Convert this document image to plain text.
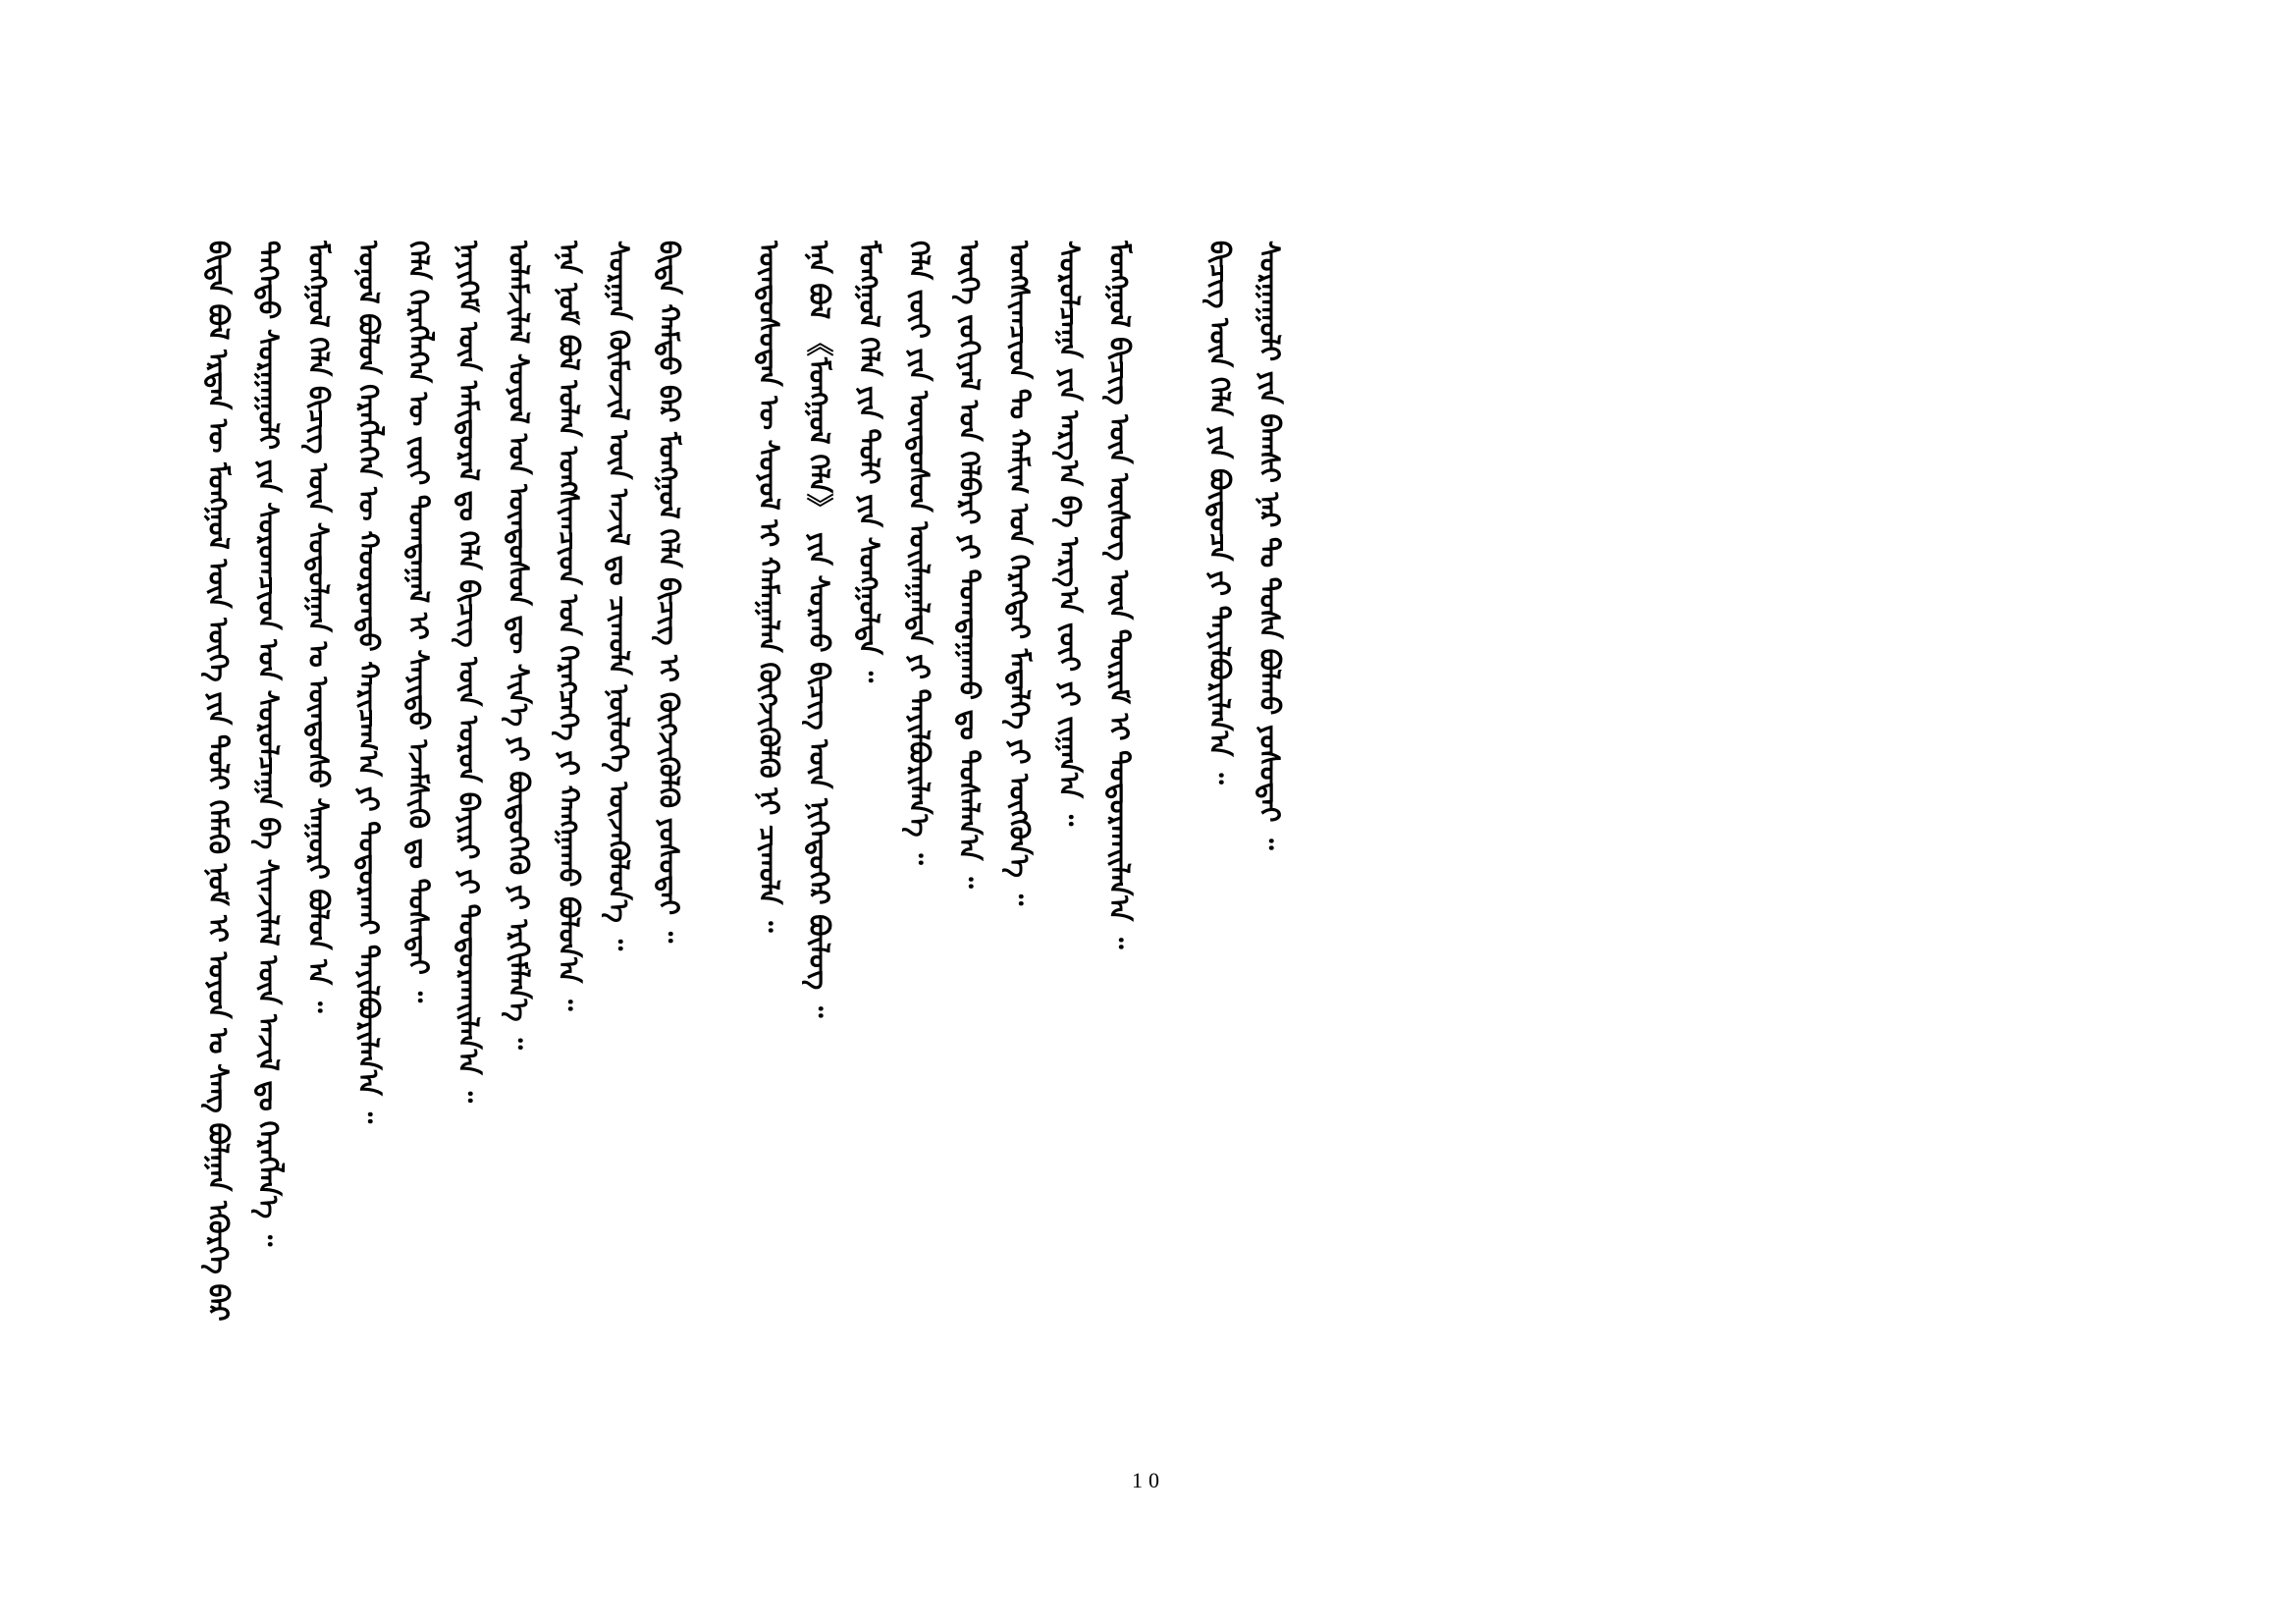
ᠪᠢᠳᠡ ᠪᠣᠯ ᠡᠷᠲᠡᠨ ᠦ ᠮᠣᠩᠭᠣᠯ ᠦᠨ ᠦᠭᠡ ᠶᠢᠨ ᠲᠣᠯᠢ ᠬᠡᠮᠡᠬᠦ ᠨᠣᠮ ᠢ ᠣᠶᠤᠨ ᠤ ᠰᠠᠩ ᠪᠣᠯᠭᠠᠨ ᠡᠭᠦᠷᠭᠡ ᠪᠠᠷ ᠳᠡᠭᠡᠳᠦ ᠰᠤᠷᠭᠠᠭᠤᠯᠢ ᠶᠢᠨ ᠰᠤᠷᠤᠭᠴᠢᠳ ᠤᠨ ᠰᠤᠷᠤᠯᠴᠠᠭᠠ ᠪᠠ ᠰᠢᠨᠵᠢᠯᠡᠯ ᠦᠨ ᠠᠵᠢᠯ ᠳᠤ ᠬᠡᠷᠡᠭᠯᠡᠨ᠎ᠡ ᠃ ᠮᠣᠩᠭᠣᠯ ᠬᠡᠯᠡ ᠪᠢᠴᠢᠭ ᠦᠨ ᠰᠤᠳᠤᠯᠭᠠᠨ ᠤ ᠦᠨᠳᠦᠰᠦ ᠰᠠᠭᠤᠷᠢ ᠪᠣᠯᠤᠨ ᠠ ᠃ ᠣᠨᠤᠯ ᠪᠣᠯᠤᠨ ᠬᠡᠷᠡᠭᠯᠡᠭᠡᠨ ᠦ ᠬᠣᠣᠷᠣᠨᠳᠤ ᠬᠠᠷᠢᠴᠠᠭ᠎ᠠ ᠶᠢ ᠲᠣᠳᠣᠷᠬᠠᠢ ᠲᠠᠶᠢᠯᠪᠤᠷᠢᠯᠠᠨ᠎ᠠ ᠃ ᠬᠡᠯᠡ ᠬᠡᠷᠡᠭᠯᠡᠭᠡᠨ ᠦ ᠵᠦᠢ ᠲᠣᠭᠲᠠᠭᠠᠯ ᠢ ᠰᠠᠶᠢᠲᠤ ᠡᠵᠡᠮᠰᠢᠬᠦ ᠳᠤ ᠲᠤᠰᠠᠲᠠᠢ ᠃ ᠨᠡᠶᠢᠭᠡᠮ ᠦᠨ ᠠᠮᠢᠳᠤᠷᠠᠯ ᠳᠤ ᠬᠡᠯᠡ ᠪᠢᠴᠢᠭ ᠦᠨ ᠣᠷᠣᠨ ᠪᠠᠶᠢᠷᠢ ᠶᠢ ᠲᠣᠳᠣᠷᠬᠠᠢᠯᠠᠨ᠎ᠠ ᠃ ᠤᠯᠠᠮᠵᠢᠯᠠᠯ ᠰᠣᠶᠣᠯ ᠤᠨ ᠦᠨᠳᠦᠰᠦᠨ ᠳᠦ ᠰᠢᠨ᠎ᠡ ᠶᠢ ᠪᠦᠲᠦᠭᠡᠬᠦ ᠶᠢ ᠡᠷᠬᠢᠮᠯᠡᠨ᠎ᠡ ᠃ ᠡᠨᠡ ᠨᠣᠮ ᠪᠣᠯ ᠣᠯᠠᠨ ᠤᠩᠰᠢᠭᠴᠢᠳ ᠤᠨ ᠬᠡᠷᠡᠭᠴᠡᠭᠡ ᠶᠢ ᠬᠠᠩᠭᠠᠬᠤ ᠪᠣᠯᠤᠨ᠎ᠠ ᠃ ᠰᠤᠷᠭᠠᠨ ᠬᠦᠮᠦᠵᠢᠯ ᠦᠨ ᠠᠵᠢᠯ ᠳᠤ ᠴᠢᠬᠤᠯᠠ ᠨᠥᠯᠦᠭᠡ ᠦᠵᠡᠭᠦᠯᠦᠨ᠎ᠡ ᠃ ᠪᠢᠳᠡ ᠬᠠᠮᠲᠤ ᠪᠡᠷ ᠮᠣᠩᠭᠣᠯ ᠬᠡᠯᠡ ᠪᠢᠴᠢᠭ ᠢ ᠬᠥᠭᠵᠢᠭᠦᠯᠬᠦ ᠶᠣᠰᠣᠲᠠᠢ ᠃ ᠦᠨᠳᠦᠰᠦᠲᠡᠨ ᠦ ᠰᠣᠶᠣᠯ ᠢ ᠬᠠᠮᠠᠭᠠᠯᠠᠨ ᠬᠥᠭᠵᠢᠭᠦᠯᠬᠦ ᠨᠢ ᠴᠢᠬᠤᠯᠠ ᠃ ᠡᠨᠡ ᠪᠣᠯ 《ᠮᠣᠩᠭᠣᠯ ᠬᠡᠯᠡ》 ᠶᠢᠨ ᠰᠤᠷᠬᠤ ᠪᠢᠴᠢᠭ ᠦᠨ ᠨᠢᠭᠡᠳᠦᠭᠡᠷ ᠪᠦᠯᠦᠭ ᠃ ᠮᠣᠩᠭᠣᠯ ᠬᠡᠯᠡ ᠶᠢᠨ ᠲᠣᠯᠢ ᠶᠢᠨ ᠰᠣᠩᠭᠣᠯᠲᠠ ᠃ ᠬᠡᠯᠡ ᠵᠦᠢ ᠶᠢᠨ ᠦᠨᠳᠦᠰᠦᠨ ᠣᠢᠯᠠᠭᠠᠯᠲᠠ ᠶᠢ ᠲᠠᠶᠢᠯᠪᠤᠷᠢᠯᠠᠨ᠎ᠡ ᠃ ᠦᠭᠡ ᠵᠣᠬᠢᠶᠠᠯ ᠤᠨ ᠬᠡᠯᠪᠡᠷᠢ ᠶᠢ ᠲᠣᠭᠲᠠᠭᠠᠬᠤ ᠳᠤ ᠲᠤᠰᠠᠯᠠᠨ᠎ᠠ ᠃ ᠤᠩᠰᠢᠭᠴᠢᠳ ᠲᠤ ᠬᠠᠮᠢᠭ ᠤᠨ ᠬᠡᠷᠡᠭᠲᠡᠢ ᠮᠡᠳᠡᠯᠭᠡ ᠶᠢ ᠥᠭᠭᠦᠨ᠎ᠡ ᠃ ᠰᠤᠷᠤᠯᠴᠠᠭᠠ ᠶᠢᠨ ᠠᠷᠭ᠎ᠠ ᠪᠠ ᠠᠷᠭ᠎ᠠ ᠵᠦᠢ ᠶᠢ ᠵᠢᠭᠠᠨ᠎ᠠ ᠃ ᠮᠣᠩᠭᠣᠯ ᠪᠢᠴᠢᠭ ᠦᠨ ᠦᠰᠦᠭ ᠦᠨ ᠳᠦᠷᠢᠮ ᠢ ᠲᠣᠳᠣᠷᠬᠠᠢᠯᠠᠨ᠎ᠠ ᠃ ᠪᠢᠴᠢᠭ ᠦᠨ ᠬᠡᠯᠡ ᠶᠢᠨ ᠪᠦᠲᠦᠴᠡ ᠶᠢ ᠲᠠᠶᠢᠯᠪᠤᠷᠢᠯᠠᠨ᠎ᠠ ᠃ ᠰᠤᠷᠭᠠᠭᠤᠯᠢ ᠶᠢᠨ ᠪᠠᠭᠰᠢ ᠨᠠᠷ ᠲᠤ ᠲᠤᠰᠠ ᠪᠣᠯᠬᠤ ᠶᠣᠰᠣᠲᠠᠢ ᠃
10
